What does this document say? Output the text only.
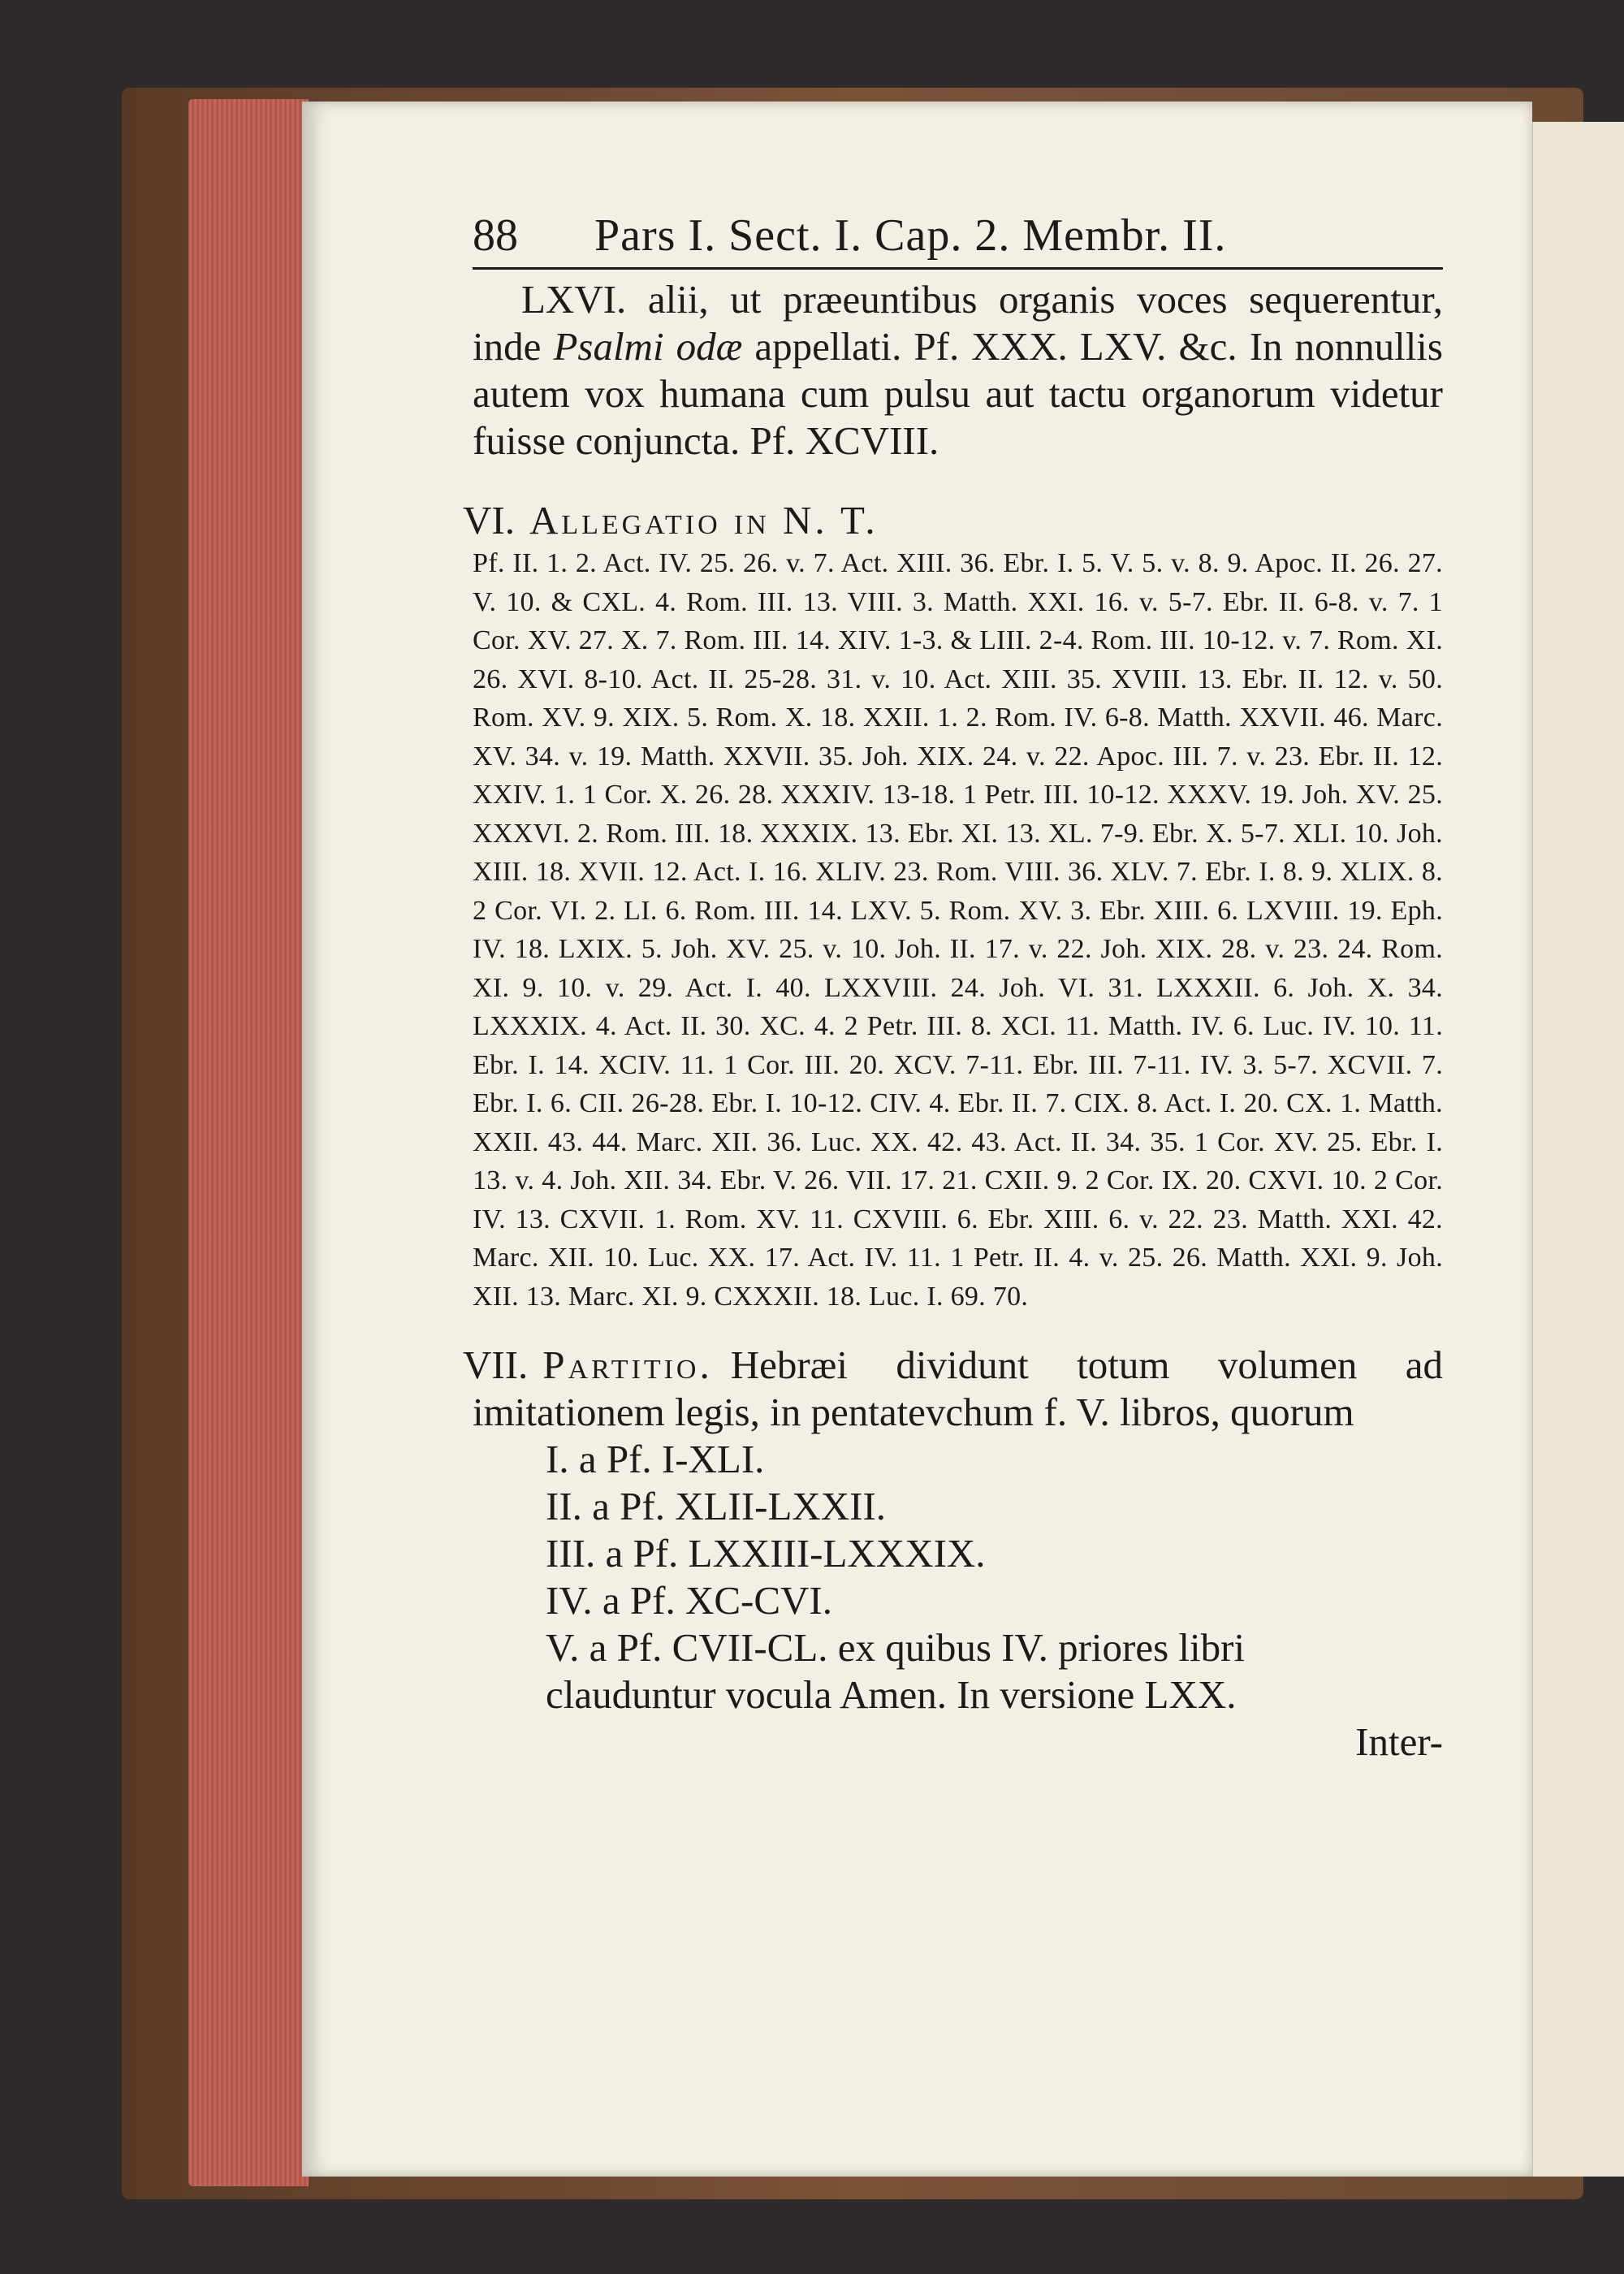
88	Pars I. Sect. I. Cap. 2. Membr. II.

LXVI. alii, ut præeuntibus organis voces sequerentur, inde Psalmi odæ appellati. Pf. XXX. LXV. &c. In nonnullis autem vox humana cum pulsu aut tactu organorum videtur fuisse conjuncta. Pf. XCVIII.

VI. Allegatio in N. T.

Pf. II. 1. 2. Act. IV. 25. 26. v. 7. Act. XIII. 36. Ebr. I. 5. V. 5. v. 8. 9. Apoc. II. 26. 27. V. 10. & CXL. 4. Rom. III. 13. VIII. 3. Matth. XXI. 16. v. 5-7. Ebr. II. 6-8. v. 7. 1 Cor. XV. 27. X. 7. Rom. III. 14. XIV. 1-3. & LIII. 2-4. Rom. III. 10-12. v. 7. Rom. XI. 26. XVI. 8-10. Act. II. 25-28. 31. v. 10. Act. XIII. 35. XVIII. 13. Ebr. II. 12. v. 50. Rom. XV. 9. XIX. 5. Rom. X. 18. XXII. 1. 2. Rom. IV. 6-8. Matth. XXVII. 46. Marc. XV. 34. v. 19. Matth. XXVII. 35. Joh. XIX. 24. v. 22. Apoc. III. 7. v. 23. Ebr. II. 12. XXIV. 1. 1 Cor. X. 26. 28. XXXIV. 13-18. 1 Petr. III. 10-12. XXXV. 19. Joh. XV. 25. XXXVI. 2. Rom. III. 18. XXXIX. 13. Ebr. XI. 13. XL. 7-9. Ebr. X. 5-7. XLI. 10. Joh. XIII. 18. XVII. 12. Act. I. 16. XLIV. 23. Rom. VIII. 36. XLV. 7. Ebr. I. 8. 9. XLIX. 8. 2 Cor. VI. 2. LI. 6. Rom. III. 14. LXV. 5. Rom. XV. 3. Ebr. XIII. 6. LXVIII. 19. Eph. IV. 18. LXIX. 5. Joh. XV. 25. v. 10. Joh. II. 17. v. 22. Joh. XIX. 28. v. 23. 24. Rom. XI. 9. 10. v. 29. Act. I. 40. LXXVIII. 24. Joh. VI. 31. LXXXII. 6. Joh. X. 34. LXXXIX. 4. Act. II. 30. XC. 4. 2 Petr. III. 8. XCI. 11. Matth. IV. 6. Luc. IV. 10. 11. Ebr. I. 14. XCIV. 11. 1 Cor. III. 20. XCV. 7-11. Ebr. III. 7-11. IV. 3. 5-7. XCVII. 7. Ebr. I. 6. CII. 26-28. Ebr. I. 10-12. CIV. 4. Ebr. II. 7. CIX. 8. Act. I. 20. CX. 1. Matth. XXII. 43. 44. Marc. XII. 36. Luc. XX. 42. 43. Act. II. 34. 35. 1 Cor. XV. 25. Ebr. I. 13. v. 4. Joh. XII. 34. Ebr. V. 26. VII. 17. 21. CXII. 9. 2 Cor. IX. 20. CXVI. 10. 2 Cor. IV. 13. CXVII. 1. Rom. XV. 11. CXVIII. 6. Ebr. XIII. 6. v. 22. 23. Matth. XXI. 42. Marc. XII. 10. Luc. XX. 17. Act. IV. 11. 1 Petr. II. 4. v. 25. 26. Matth. XXI. 9. Joh. XII. 13. Marc. XI. 9. CXXXII. 18. Luc. I. 69. 70.

VII. Partitio. Hebræi dividunt totum volumen ad imitationem legis, in pentatevchum f. V. libros, quorum

I. a Pf. I-XLI.
II. a Pf. XLII-LXXII.
III. a Pf. LXXIII-LXXXIX.
IV. a Pf. XC-CVI.
V. a Pf. CVII-CL. ex quibus IV. priores libri

clauduntur vocula Amen. In versione LXX.

Inter-
